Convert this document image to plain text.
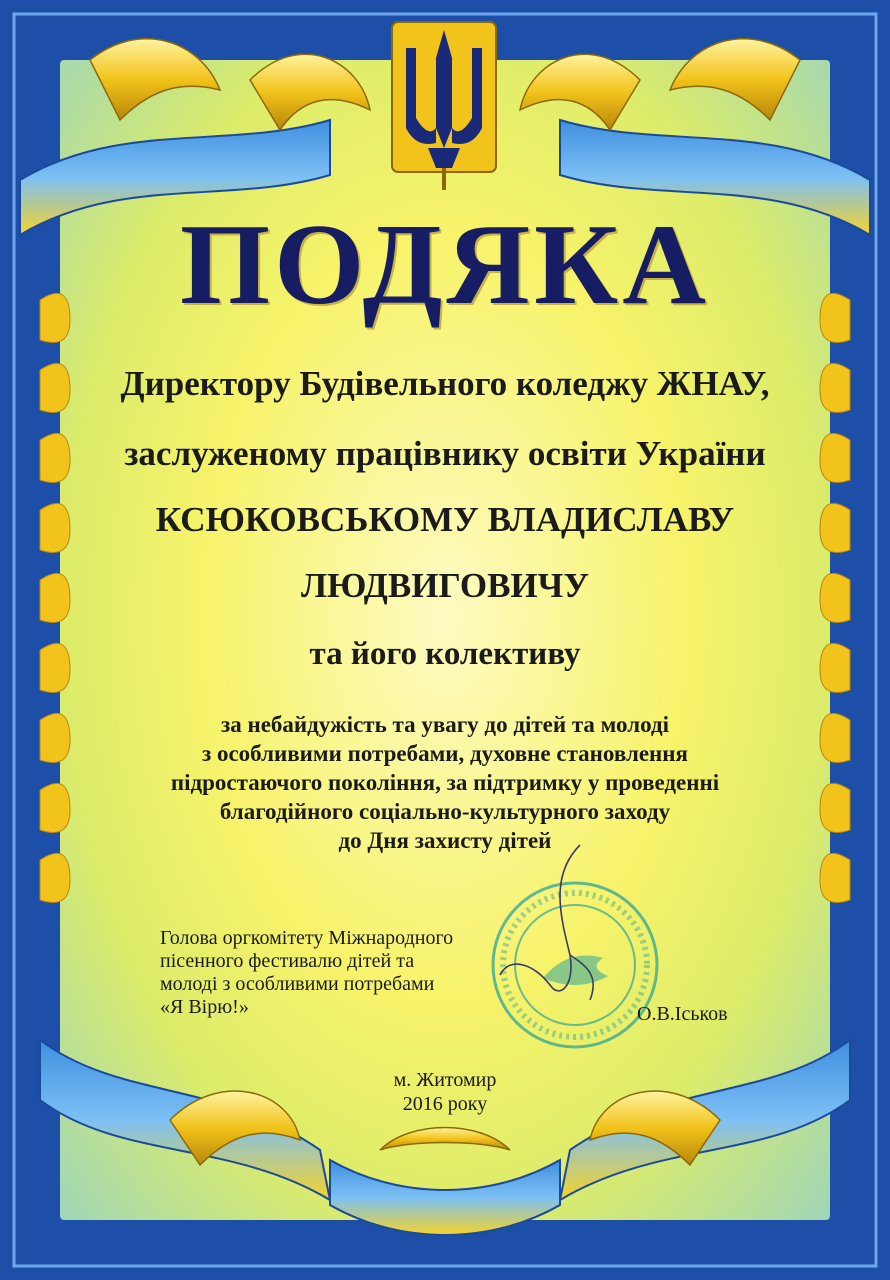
ПОДЯКА
Директору Будівельного коледжу ЖНАУ,
заслуженому працівнику освіти України
КСЮКОВСЬКОМУ ВЛАДИСЛАВУ
ЛЮДВИГОВИЧУ
та його колективу
за небайдужість та увагу до дітей та молоді
з особливими потребами, духовне становлення
підростаючого покоління, за підтримку у проведенні
благодійного соціально-культурного заходу
до Дня захисту дітей
Голова оргкомітету Міжнародного
пісенного фестивалю дітей та
молоді з особливими потребами
«Я Вірю!»	О.В.Іськов
м. Житомир
2016 року
